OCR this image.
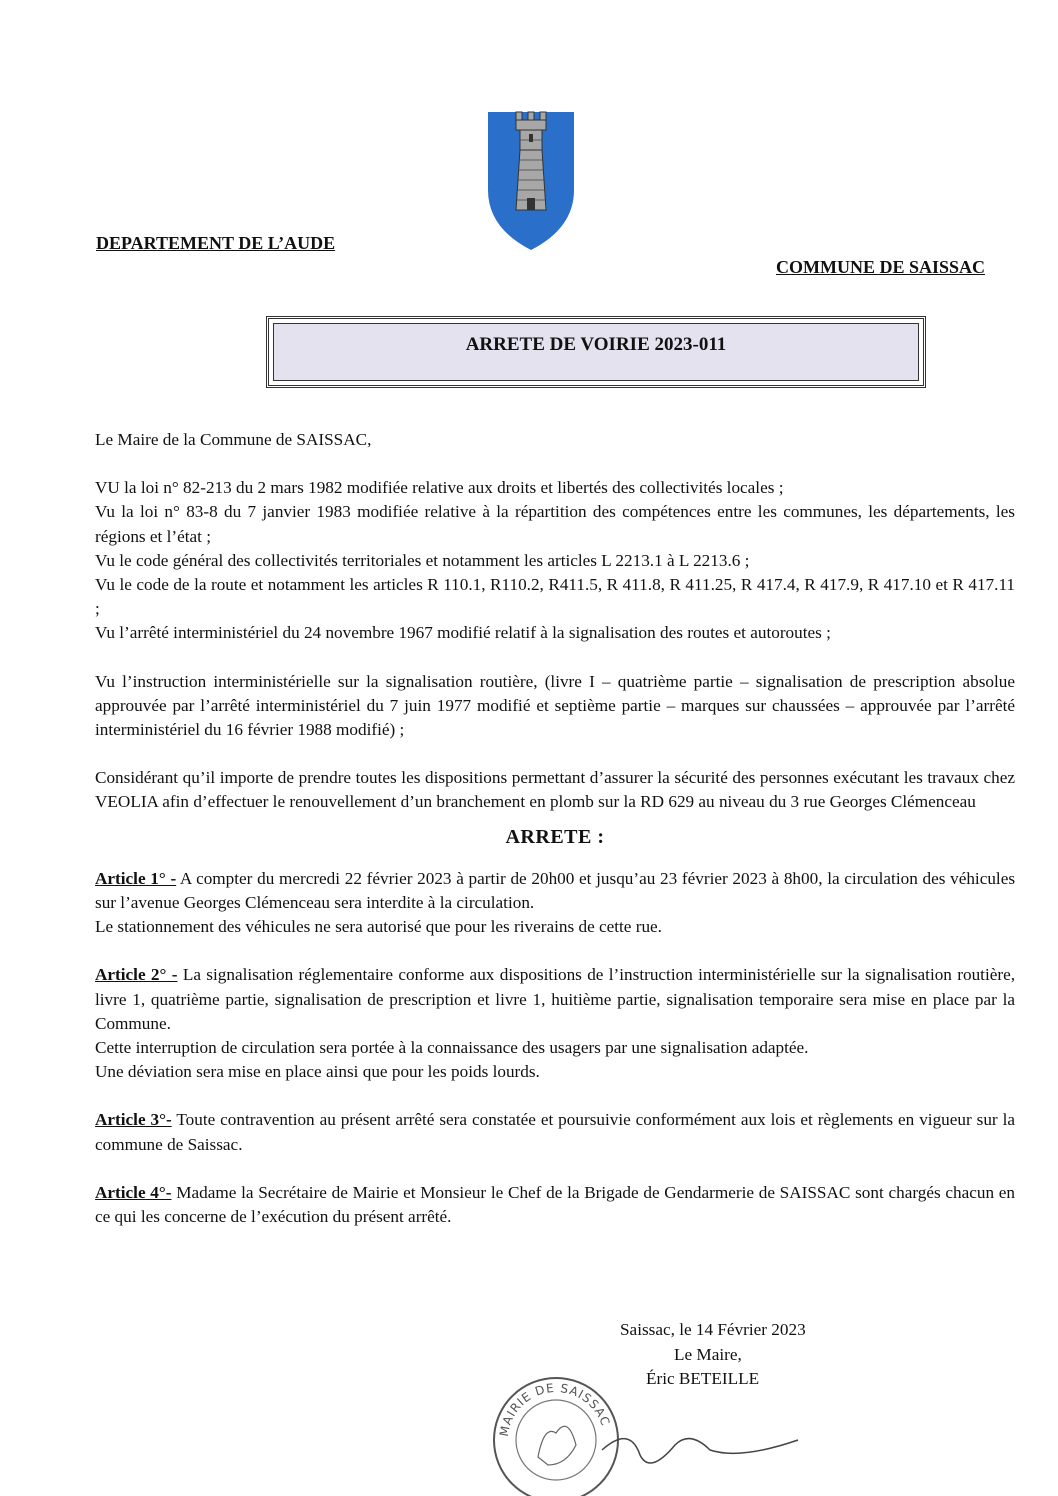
DEPARTEMENT DE L’AUDE
COMMUNE DE SAISSAC
ARRETE DE VOIRIE 2023-011

Le Maire de la Commune de SAISSAC,

VU la loi n° 82-213 du 2 mars 1982 modifiée relative aux droits et libertés des collectivités locales ;

Vu la loi n° 83-8 du 7 janvier 1983 modifiée relative à la répartition des compétences entre les communes, les départements, les régions et l’état ;

Vu le code général des collectivités territoriales et notamment les articles L 2213.1 à L 2213.6 ;

Vu le code de la route et notamment les articles R 110.1, R110.2, R411.5, R 411.8, R 411.25, R 417.4, R 417.9, R 417.10 et R 417.11 ;

Vu l’arrêté interministériel du 24 novembre 1967 modifié relatif à la signalisation des routes et autoroutes ;

Vu l’instruction interministérielle sur la signalisation routière, (livre I – quatrième partie – signalisation de prescription absolue approuvée par l’arrêté interministériel du 7 juin 1977 modifié et septième partie – marques sur chaussées – approuvée par l’arrêté interministériel du 16 février 1988 modifié) ;

Considérant qu’il importe de prendre toutes les dispositions permettant d’assurer la sécurité des personnes exécutant les travaux chez VEOLIA afin d’effectuer le renouvellement d’un branchement en plomb sur la RD 629 au niveau du 3 rue Georges Clémenceau

ARRETE :

Article 1° - A compter du mercredi 22 février 2023 à partir de 20h00 et jusqu’au 23 février 2023 à 8h00, la circulation des véhicules sur l’avenue Georges Clémenceau sera interdite à la circulation.

Le stationnement des véhicules ne sera autorisé que pour les riverains de cette rue.

Article 2° - La signalisation réglementaire conforme aux dispositions de l’instruction interministérielle sur la signalisation routière, livre 1, quatrième partie, signalisation de prescription et livre 1, huitième partie, signalisation temporaire sera mise en place par la Commune.

Cette interruption de circulation sera portée à la connaissance des usagers par une signalisation adaptée.

Une déviation sera mise en place ainsi que pour les poids lourds.

Article 3°- Toute contravention au présent arrêté sera constatée et poursuivie conformément aux lois et règlements en vigueur sur la commune de Saissac.

Article 4°- Madame la Secrétaire de Mairie et Monsieur le Chef de la Brigade de Gendarmerie de SAISSAC sont chargés chacun en ce qui les concerne de l’exécution du présent arrêté.

Saissac, le 14 Février 2023
Le Maire,
Éric BETEILLE
MAIRIE DE SAISSAC
